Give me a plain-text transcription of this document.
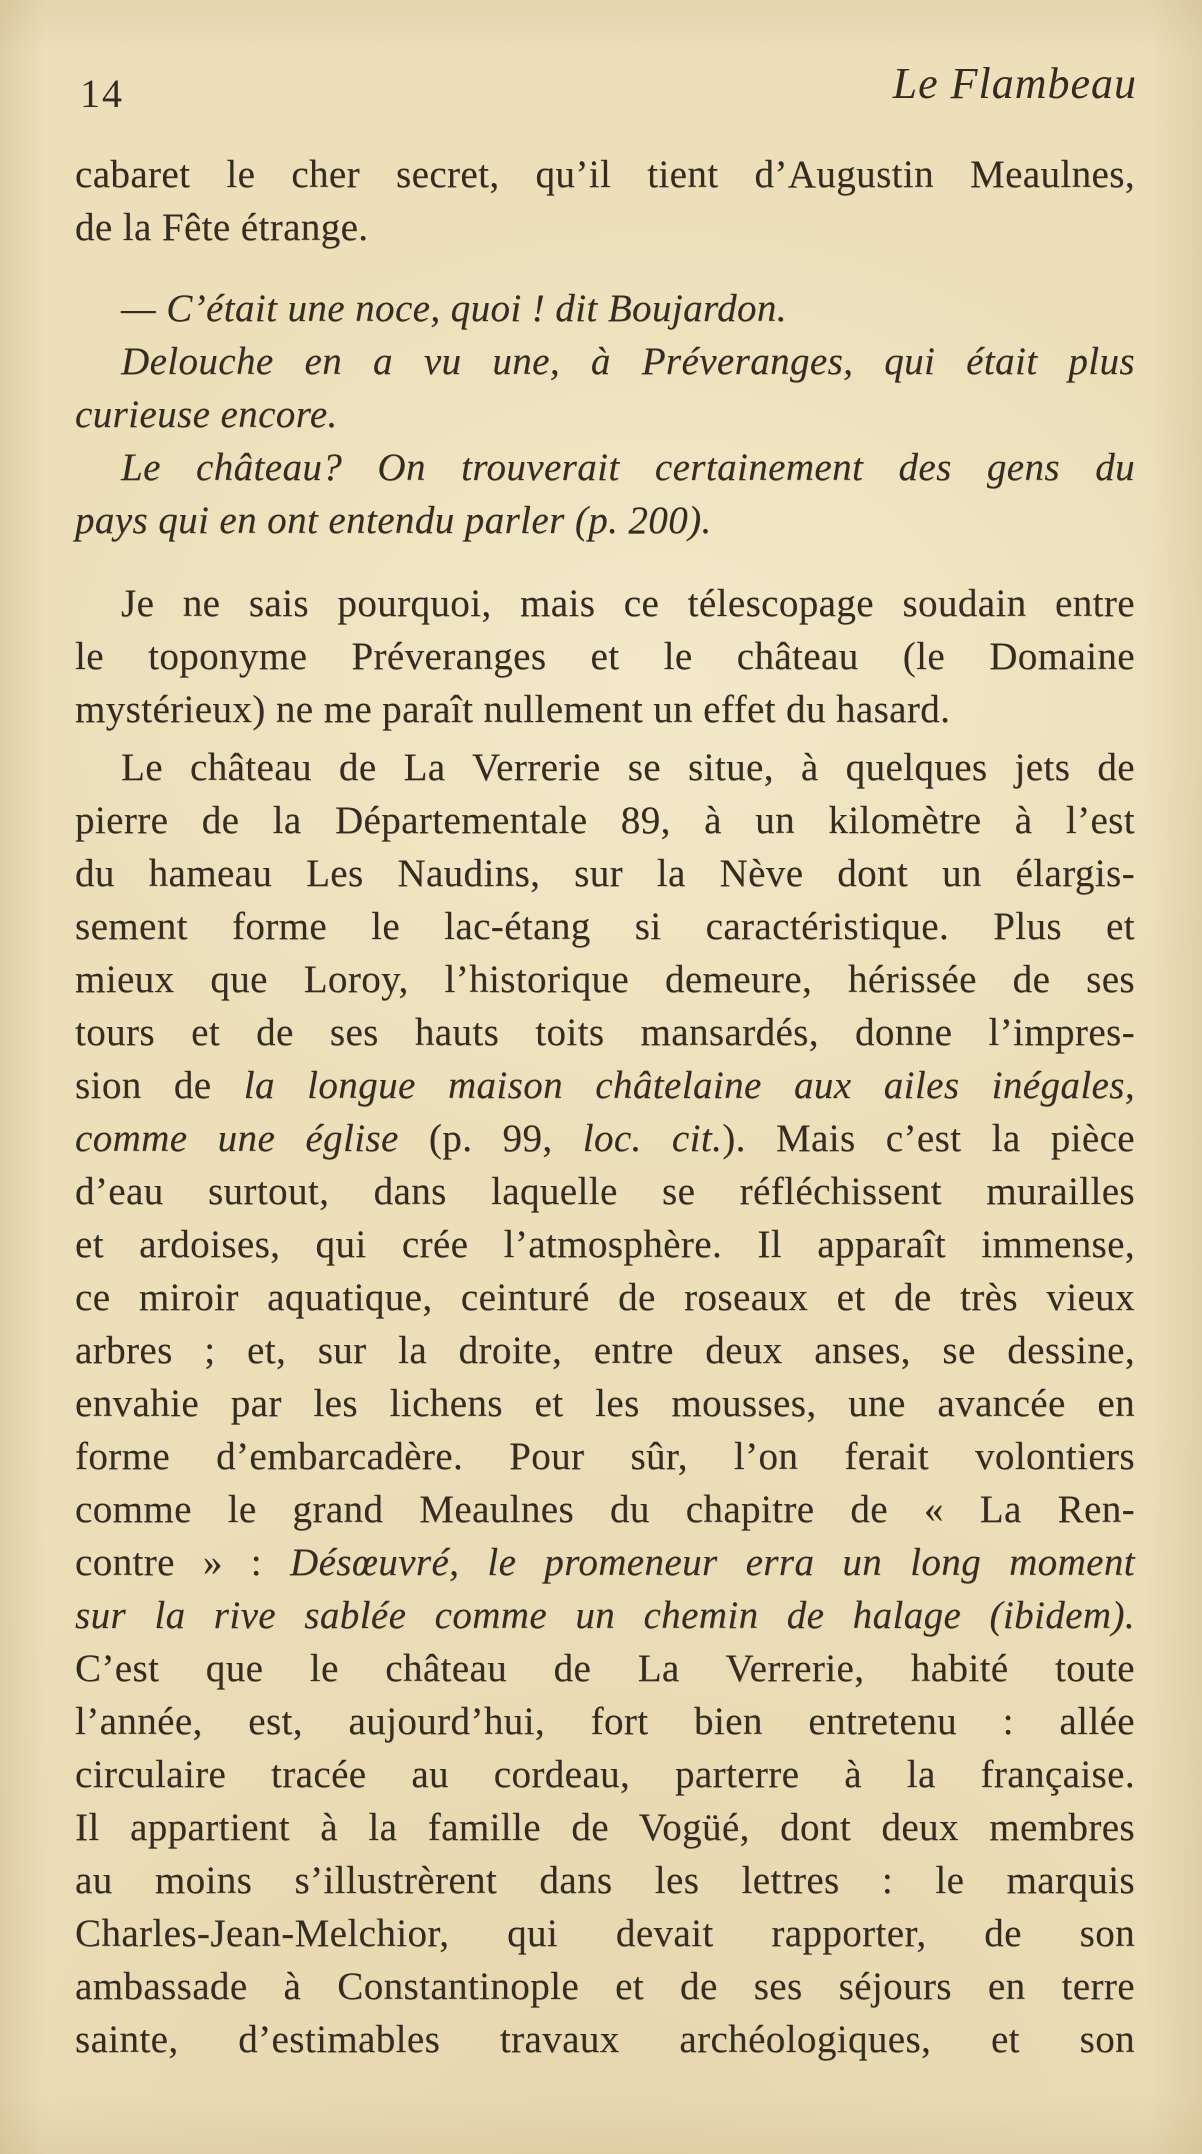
14	Le Flambeau
cabaret le cher secret, qu’il tient d’Augustin Meaulnes,
de la Fête étrange.
— C’était une noce, quoi ! dit Boujardon.
Delouche en a vu une, à Préveranges, qui était plus
curieuse encore.
Le château? On trouverait certainement des gens du
pays qui en ont entendu parler (p. 200).
Je ne sais pourquoi, mais ce télescopage soudain entre
le toponyme Préveranges et le château (le Domaine
mystérieux) ne me paraît nullement un effet du hasard.
Le château de La Verrerie se situe, à quelques jets de
pierre de la Départementale 89, à un kilomètre à l’est
du hameau Les Naudins, sur la Nève dont un élargis-
sement forme le lac-étang si caractéristique. Plus et
mieux que Loroy, l’historique demeure, hérissée de ses
tours et de ses hauts toits mansardés, donne l’impres-
sion de la longue maison châtelaine aux ailes inégales,
comme une église (p. 99, loc. cit.). Mais c’est la pièce
d’eau surtout, dans laquelle se réfléchissent murailles
et ardoises, qui crée l’atmosphère. Il apparaît immense,
ce miroir aquatique, ceinturé de roseaux et de très vieux
arbres ; et, sur la droite, entre deux anses, se dessine,
envahie par les lichens et les mousses, une avancée en
forme d’embarcadère. Pour sûr, l’on ferait volontiers
comme le grand Meaulnes du chapitre de « La Ren-
contre » : Désœuvré, le promeneur erra un long moment
sur la rive sablée comme un chemin de halage (ibidem).
C’est que le château de La Verrerie, habité toute
l’année, est, aujourd’hui, fort bien entretenu : allée
circulaire tracée au cordeau, parterre à la française.
Il appartient à la famille de Vogüé, dont deux membres
au moins s’illustrèrent dans les lettres : le marquis
Charles-Jean-Melchior, qui devait rapporter, de son
ambassade à Constantinople et de ses séjours en terre
sainte, d’estimables travaux archéologiques, et son
